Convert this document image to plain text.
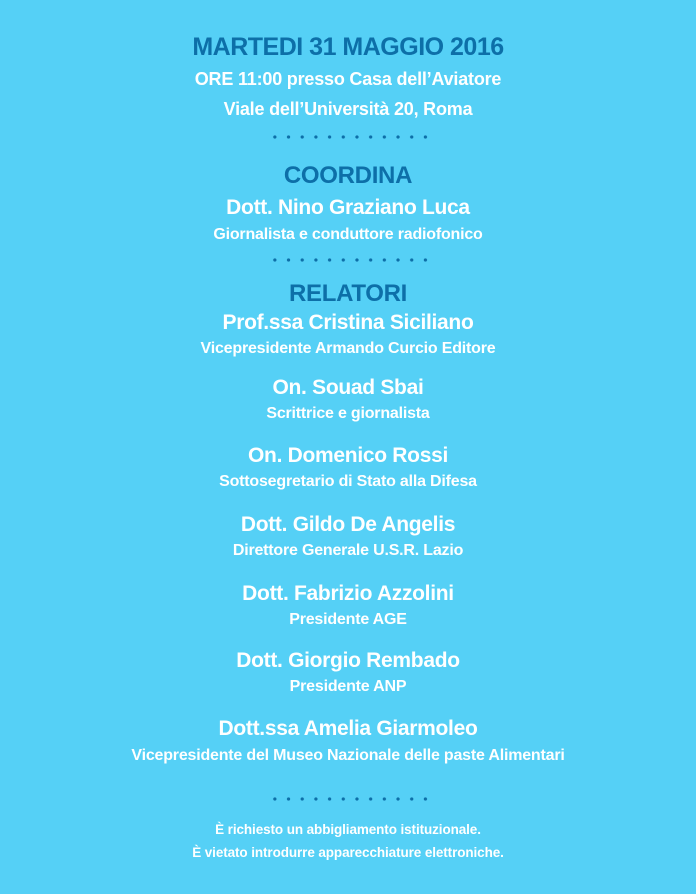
MARTEDI 31 MAGGIO 2016
ORE 11:00 presso Casa dell’Aviatore
Viale dell’Università 20, Roma
COORDINA
Dott. Nino Graziano Luca
Giornalista e conduttore radiofonico
RELATORI
Prof.ssa Cristina Siciliano
Vicepresidente Armando Curcio Editore
On. Souad Sbai
Scrittrice e giornalista
On. Domenico Rossi
Sottosegretario di Stato alla Difesa
Dott. Gildo De Angelis
Direttore Generale U.S.R. Lazio
Dott. Fabrizio Azzolini
Presidente AGE
Dott. Giorgio Rembado
Presidente ANP
Dott.ssa Amelia Giarmoleo
Vicepresidente del Museo Nazionale delle paste Alimentari
È richiesto un abbigliamento istituzionale.
È vietato introdurre apparecchiature elettroniche.
